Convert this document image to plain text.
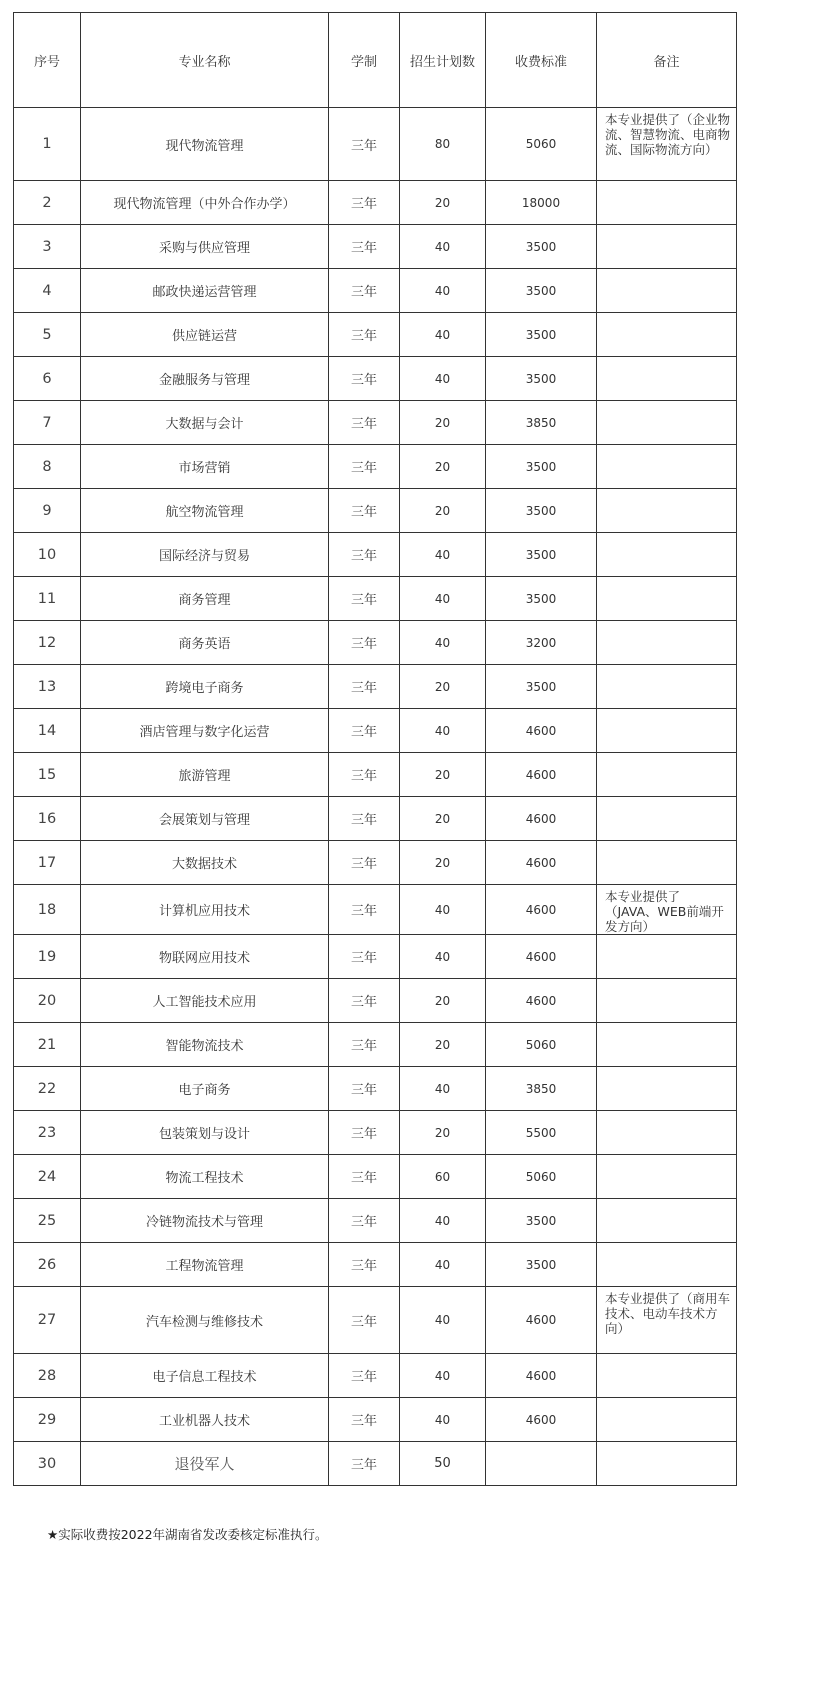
序号	专业名称	学制	招生计划数	收费标准	备注
1	现代物流管理	三年	80	5060	本专业提供了（企业物流、智慧物流、电商物流、国际物流方向）
2	现代物流管理（中外合作办学）	三年	20	18000	
3	采购与供应管理	三年	40	3500	
4	邮政快递运营管理	三年	40	3500	
5	供应链运营	三年	40	3500	
6	金融服务与管理	三年	40	3500	
7	大数据与会计	三年	20	3850	
8	市场营销	三年	20	3500	
9	航空物流管理	三年	20	3500	
10	国际经济与贸易	三年	40	3500	
11	商务管理	三年	40	3500	
12	商务英语	三年	40	3200	
13	跨境电子商务	三年	20	3500	
14	酒店管理与数字化运营	三年	40	4600	
15	旅游管理	三年	20	4600	
16	会展策划与管理	三年	20	4600	
17	大数据技术	三年	20	4600	
18	计算机应用技术	三年	40	4600	本专业提供了（JAVA、WEB前端开发方向）
19	物联网应用技术	三年	40	4600	
20	人工智能技术应用	三年	20	4600	
21	智能物流技术	三年	20	5060	
22	电子商务	三年	40	3850	
23	包装策划与设计	三年	20	5500	
24	物流工程技术	三年	60	5060	
25	冷链物流技术与管理	三年	40	3500	
26	工程物流管理	三年	40	3500	
27	汽车检测与维修技术	三年	40	4600	本专业提供了（商用车技术、电动车技术方向）
28	电子信息工程技术	三年	40	4600	
29	工业机器人技术	三年	40	4600	
30	退役军人	三年	50		
★实际收费按2022年湖南省发改委核定标准执行。
